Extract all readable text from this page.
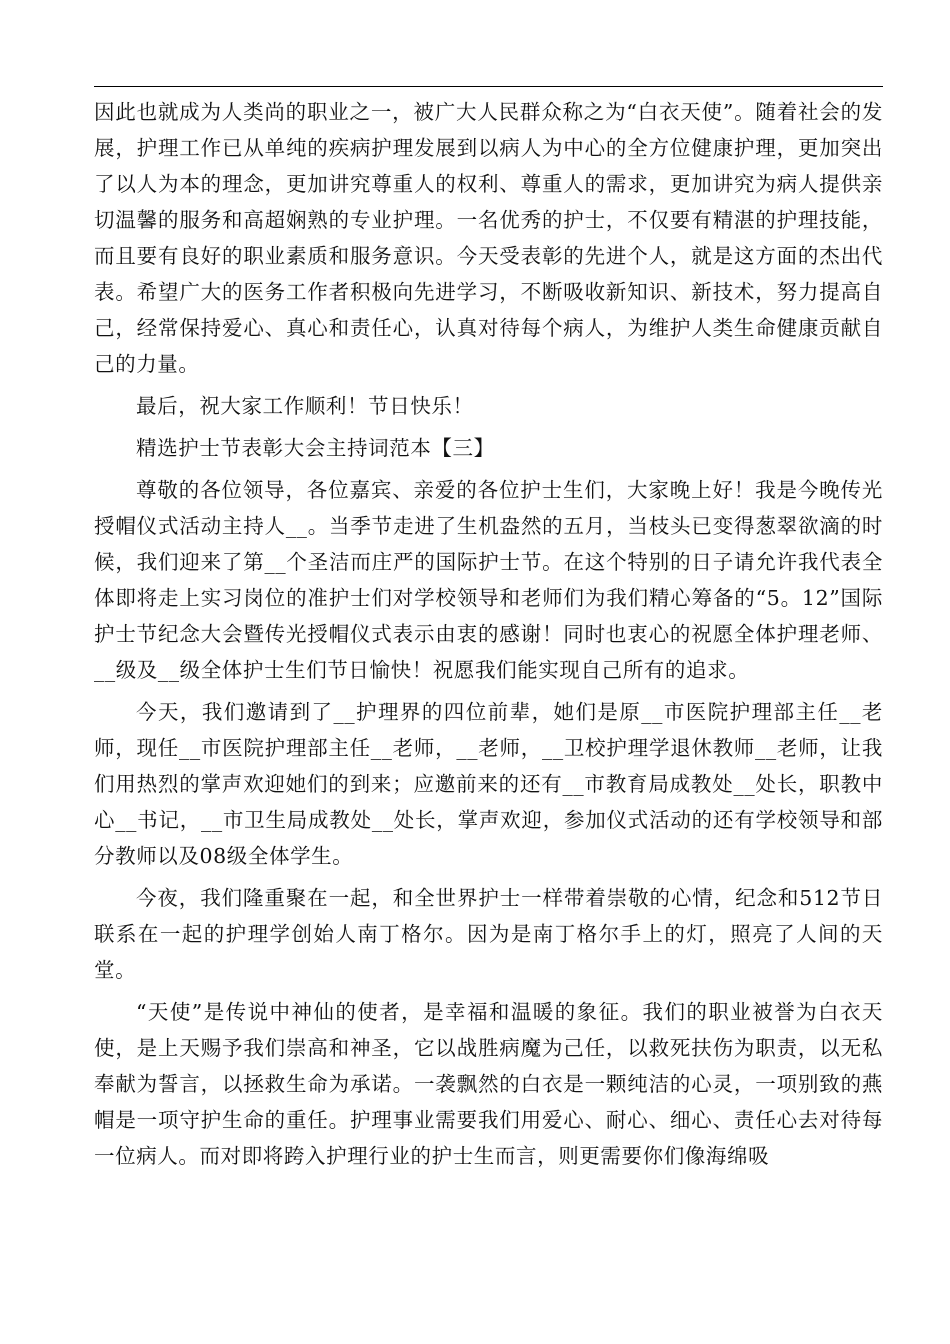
因此也就成为人类尚的职业之一，被广大人民群众称之为“白衣天使”。随着社会的发展，护理工作已从单纯的疾病护理发展到以病人为中心的全方位健康护理，更加突出了以人为本的理念，更加讲究尊重人的权利、尊重人的需求，更加讲究为病人提供亲切温馨的服务和高超娴熟的专业护理。一名优秀的护士，不仅要有精湛的护理技能，而且要有良好的职业素质和服务意识。今天受表彰的先进个人，就是这方面的杰出代表。希望广大的医务工作者积极向先进学习，不断吸收新知识、新技术，努力提高自己，经常保持爱心、真心和责任心，认真对待每个病人，为维护人类生命健康贡献自己的力量。

最后，祝大家工作顺利！节日快乐！

精选护士节表彰大会主持词范本【三】

尊敬的各位领导，各位嘉宾、亲爱的各位护士生们，大家晚上好！我是今晚传光授帽仪式活动主持人__。当季节走进了生机盎然的五月，当枝头已变得葱翠欲滴的时候，我们迎来了第__个圣洁而庄严的国际护士节。在这个特别的日子请允许我代表全体即将走上实习岗位的准护士们对学校领导和老师们为我们精心筹备的“5。12”国际护士节纪念大会暨传光授帽仪式表示由衷的感谢！同时也衷心的祝愿全体护理老师、__级及__级全体护士生们节日愉快！祝愿我们能实现自己所有的追求。

今天，我们邀请到了__护理界的四位前辈，她们是原__市医院护理部主任__老师，现任__市医院护理部主任__老师，__老师，__卫校护理学退休教师__老师，让我们用热烈的掌声欢迎她们的到来；应邀前来的还有__市教育局成教处__处长，职教中心__书记，__市卫生局成教处__处长，掌声欢迎，参加仪式活动的还有学校领导和部分教师以及08级全体学生。

今夜，我们隆重聚在一起，和全世界护士一样带着崇敬的心情，纪念和512节日联系在一起的护理学创始人南丁格尔。因为是南丁格尔手上的灯，照亮了人间的天堂。

“天使”是传说中神仙的使者，是幸福和温暖的象征。我们的职业被誉为白衣天使，是上天赐予我们崇高和神圣，它以战胜病魔为己任，以救死扶伤为职责，以无私奉献为誓言，以拯救生命为承诺。一袭飘然的白衣是一颗纯洁的心灵，一项别致的燕帽是一项守护生命的重任。护理事业需要我们用爱心、耐心、细心、责任心去对待每一位病人。而对即将跨入护理行业的护士生而言，则更需要你们像海绵吸
